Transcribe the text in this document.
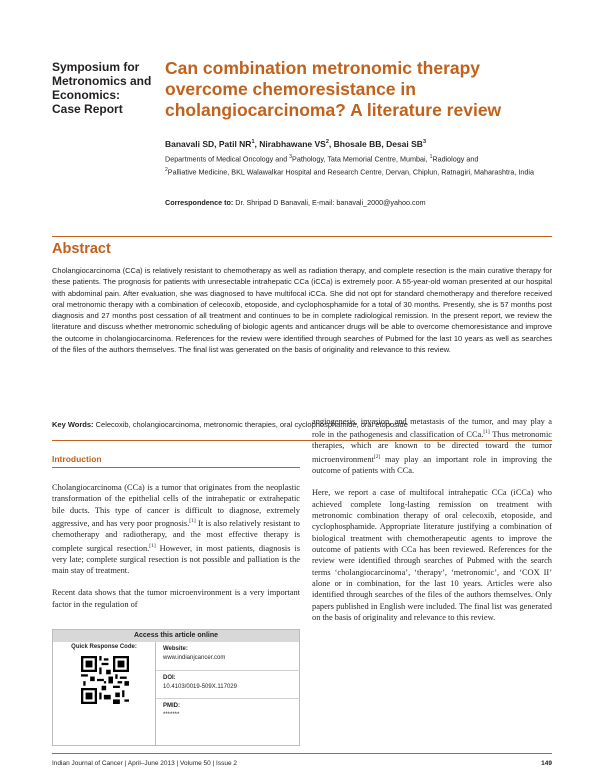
Symposium for
Metronomics and
Economics:
Case Report
Can combination metronomic therapy overcome chemoresistance in cholangiocarcinoma? A literature review
Banavali SD, Patil $NR^1$, Nirabhawane $VS^2$, Bhosale BB, Desai $SB^3$
Departments of Medical Oncology and $^3$Pathology, Tata Memorial Centre, Mumbai, $^1$Radiology and
$^2$Palliative Medicine, BKL Walawalkar Hospital and Research Centre, Dervan, Chiplun, Ratnagiri, Maharashtra, India
Correspondence to: Dr. Shripad D Banavali, E-mail: banavali_2000@yahoo.com
Abstract
Cholangiocarcinoma (CCa) is relatively resistant to chemotherapy as well as radiation therapy, and complete resection is the main curative therapy for these patients. The prognosis for patients with unresectable intrahepatic CCa (iCCa) is extremely poor. A 55-year-old woman presented at our hospital with abdominal pain. After evaluation, she was diagnosed to have multifocal iCCa. She did not opt for standard chemotherapy and therefore received oral metronomic therapy with a combination of celecoxib, etoposide, and cyclophosphamide for a total of 30 months. Presently, she is 57 months post diagnosis and 27 months post cessation of all treatment and continues to be in complete radiological remission. In the present report, we review the literature and discuss whether metronomic scheduling of biologic agents and anticancer drugs will be able to overcome chemoresistance and improve the outcome in cholangiocarcinoma. References for the review were identified through searches of Pubmed for the last 10 years as well as searches of the files of the authors themselves. The final list was generated on the basis of originality and relevance to this review.
Key Words: Celecoxib, cholangiocarcinoma, metronomic therapies, oral cyclophosphamide, oral etoposide
Introduction

Cholangiocarcinoma (CCa) is a tumor that originates from the neoplastic transformation of the epithelial cells of the intrahepatic or extrahepatic bile ducts. This type of cancer is difficult to diagnose, extremely aggressive, and has very poor prognosis.[1] It is also relatively resistant to chemotherapy and radiotherapy, and the most effective therapy is complete surgical resection.[1] However, in most patients, diagnosis is very late; complete surgical resection is not possible and palliation is the main stay of treatment.

Recent data shows that the tumor microenvironment is a very important factor in the regulation of

angiogenesis, invasion, and metastasis of the tumor, and may play a role in the pathogenesis and classification of CCa.[1] Thus metronomic therapies, which are known to be directed toward the tumor microenvironment[2] may play an important role in improving the outcome of patients with CCa.

Here, we report a case of multifocal intrahepatic CCa (iCCa) who achieved complete long-lasting remission on treatment with metronomic combination therapy of oral celecoxib, etoposide, and cyclophosphamide. Appropriate literature justifying a combination of biological treatment with chemotherapeutic agents to improve the outcome of patients with CCa has been reviewed. References for the review were identified through searches of Pubmed with the search terms ‘cholangiocarcinoma’, ‘therapy’, ‘metronomic’, and ‘COX II’ alone or in combination, for the last 10 years. Articles were also identified through searches of the files of the authors themselves. Only papers published in English were included. The final list was generated on the basis of originality and relevance to this review.

Access this article online
Quick Response Code:	Website:
www.indianjcancer.com
DOI:
10.4103/0019-509X.117029
PMID:
*******
Indian Journal of Cancer | April–June 2013 | Volume 50 | Issue 2	149
